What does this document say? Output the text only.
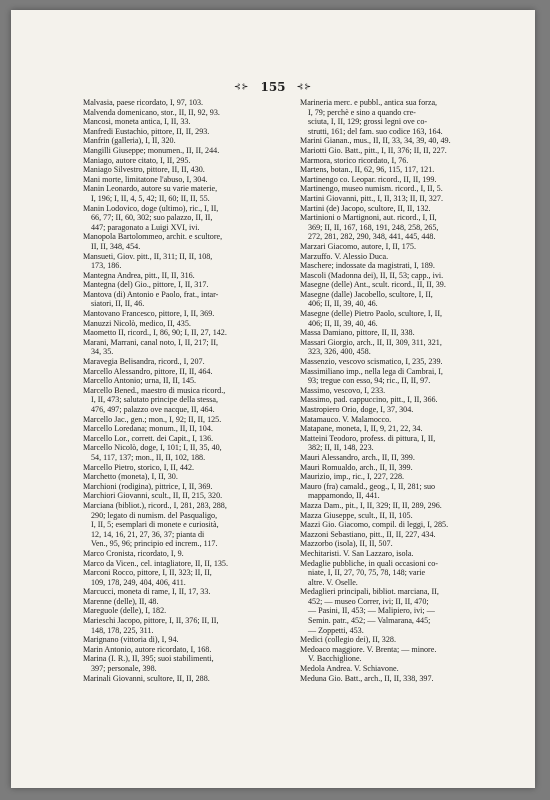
⊰⊱ 155 ⊰⊱

Malvasia, paese ricordato, I, 97, 103.

Malvenda domenicano, stor., II, II, 92, 93.

Mancosi, moneta antica, I, II, 33.

Manfredi Eustachio, pittore, II, II, 293.

Manfrin (galleria), I, II, 320.

Mangilli Giuseppe; monumen., II, II, 244.

Maniago, autore citato, I, II, 295.

Maniago Silvestro, pittore, II, II, 430.

Mani morte, limitatone l'abuso, I, 304.

Manin Leonardo, autore su varie materie,
I, 196; I, II, 4, 5, 42; II, 60; II, II, 55.

Manin Lodovico, doge (ultimo), ric., I, II,
66, 77; II, 60, 302; suo palazzo, II, II,
447; paragonato a Luigi XVI, ivi.

Manopola Bartolommeo, archit. e scultore,
II, II, 348, 454.

Mansueti, Giov. pitt., II, 311; II, II, 108,
173, 186.

Mantegna Andrea, pitt., II, II, 316.

Mantegna (del) Gio., pittore, I, II, 317.

Mantova (di) Antonio e Paolo, frat., intar-
siatori, II, II, 46.

Mantovano Francesco, pittore, I, II, 369.

Manuzzi Nicolò, medico, II, 435.

Maometto II, ricord., I, 86, 90; I, II, 27, 142.

Marani, Marrani, canal noto, I, II, 217; II,
34, 35.

Maravegia Belisandra, ricord., I, 207.

Marcello Alessandro, pittore, II, II, 464.

Marcello Antonio; urna, II, II, 145.

Marcello Bened., maestro di musica ricord.,
I, II, 473; salutato principe della stessa,
476, 497; palazzo ove nacque, II, 464.

Marcello Jac., gen.; mon., I, 92; II, II, 125.

Marcello Loredana; monum., II, II, 104.

Marcello Lor., corrett. dei Capit., I, 136.

Marcello Nicolò, doge, I, 101; I, II, 35, 40,
54, 117, 137; mon., II, II, 102, 188.

Marcello Pietro, storico, I, II, 442.

Marchetto (moneta), I, II, 30.

Marchioni (rodigina), pittrice, I, II, 369.

Marchiori Giovanni, scult., II, II, 215, 320.

Marciana (bibliot.), ricord., I, 281, 283, 288,
290; legato di numism. del Pasqualigo,
I, II, 5; esemplari di monete e curiosità,
12, 14, 16, 21, 27, 36, 37; pianta di
Ven., 95, 96; principio ed increm., 117.

Marco Cronista, ricordato, I, 9.

Marco da Vicen., cel. intagliatore, II, II, 135.

Marconi Rocco, pittore, I, II, 323; II, II,
109, 178, 249, 404, 406, 411.

Marcucci, moneta di rame, I, II, 17, 33.

Marenne (delle), II, 48.

Mareguole (delle), I, 182.

Marieschi Jacopo, pittore, I, II, 376; II, II,
148, 178, 225, 311.

Marignano (vittoria di), I, 94.

Marin Antonio, autore ricordato, I, 168.

Marina (I. R.), II, 395; suoi stabilimenti,
397; personale, 398.

Marinali Giovanni, scultore, II, II, 288.

Marineria merc. e pubbl., antica sua forza,
I, 79; perchè e sino a quando cre-
sciuta, I, II, 129; grossi legni ove co-
strutti, 161; del fam. suo codice 163, 164.

Marini Gianan., mus., II, II, 33, 34, 39, 40, 49.

Mariotti Gio. Batt., pitt., I, II, 376; II, II, 227.

Marmora, storico ricordato, I, 76.

Martens, botan., II, 62, 96, 115, 117, 121.

Martinengo co. Leopar. ricord., II, II, 199.

Martinengo, museo numism. ricord., I, II, 5.

Martini Giovanni, pitt., I, II, 313; II, II, 327.

Martini (de) Jacopo, scultore, II, II, 132.

Martinioni o Martignoni, aut. ricord., I, II,
369; II, II, 167, 168, 191, 248, 258, 265,
272, 281, 282, 290, 348, 441, 445, 448.

Marzari Giacomo, autore, I, II, 175.

Marzuffo. V. Alessio Duca.

Maschere; indossate da magistrati, I, 189.

Mascoli (Madonna dei), II, II, 53; capp., ivi.

Masegne (delle) Ant., scult. ricord., II, II, 39.

Masegne (dalle) Jacobello, scultore, I, II,
406; II, II, 39, 40, 46.

Masegne (delle) Pietro Paolo, scultore, I, II,
406; II, II, 39, 40, 46.

Massa Damiano, pittore, II, II, 338.

Massari Giorgio, arch., II, II, 309, 311, 321,
323, 326, 400, 458.

Massenzio, vescovo scismatico, I, 235, 239.

Massimiliano imp., nella lega di Cambrai, I,
93; tregue con esso, 94; ric., II, II, 97.

Massimo, vescovo, I, 233.

Massimo, pad. cappuccino, pitt., I, II, 366.

Mastropiero Orio, doge, I, 37, 304.

Matamauco. V. Malamocco.

Matapane, moneta, I, II, 9, 21, 22, 34.

Matteini Teodoro, profess. di pittura, I, II,
382; II, II, 148, 223.

Mauri Alessandro, arch., II, II, 399.

Mauri Romualdo, arch., II, II, 399.

Maurizio, imp., ric., I, 227, 228.

Mauro (fra) camald., geog., I, II, 281; suo
mappamondo, II, 441.

Mazza Dam., pit., I, II, 329; II, II, 289, 296.

Mazza Giuseppe, scult., II, II, 105.

Mazzi Gio. Giacomo, compil. di leggi, I, 285.

Mazzoni Sebastiano, pitt., II, II, 227, 434.

Mazzorbo (isola), II, II, 507.

Mechitaristi. V. San Lazzaro, isola.

Medaglie pubbliche, in quali occasioni co-
niate, I, II, 27, 70, 75, 78, 148; varie
altre. V. Oselle.

Medaglieri principali, bibliot. marciana, II,
452; — museo Correr, ivi; II, II, 470;
— Pasini, II, 453; — Malipiero, ivi; —
Semin. patr., 452; — Valmarana, 445;
— Zoppetti, 453.

Medici (collegio dei), II, 328.

Medoaco maggiore. V. Brenta; — minore.
V. Bacchiglione.

Medola Andrea. V. Schiavone.

Meduna Gio. Batt., arch., II, II, 338, 397.
